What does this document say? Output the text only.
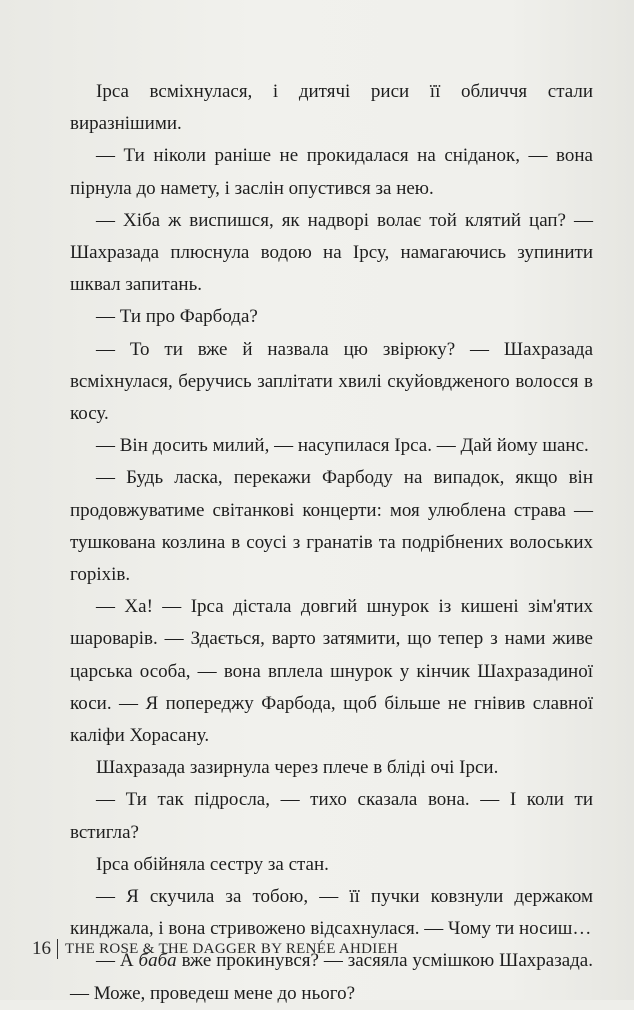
Ірса всміхнулася, і дитячі риси її обличчя стали виразнішими.

— Ти ніколи раніше не прокидалася на сніданок, — вона пірнула до намету, і заслін опустився за нею.

— Хіба ж виспишся, як надворі волає той клятий цап? — Шахразада плюснула водою на Ірсу, намагаючись зупинити шквал запитань.

— Ти про Фарбода?

— То ти вже й назвала цю звірюку? — Шахразада всміхнулася, беручись заплітати хвилі скуйовдженого волосся в косу.

— Він досить милий, — насупилася Ірса. — Дай йому шанс.

— Будь ласка, перекажи Фарбоду на випадок, якщо він продовжуватиме світанкові концерти: моя улюблена страва — тушкована козлина в соусі з гранатів та подрібнених волоських горіхів.

— Ха! — Ірса дістала довгий шнурок із кишені зім'ятих шароварів. — Здається, варто затямити, що тепер з нами живе царська особа, — вона вплела шнурок у кінчик Шахразадиної коси. — Я попереджу Фарбода, щоб більше не гнівив славної каліфи Хорасану.

Шахразада зазирнула через плече в бліді очі Ірси.

— Ти так підросла, — тихо сказала вона. — І коли ти встигла?

Ірса обійняла сестру за стан.

— Я скучила за тобою, — її пучки ковзнули держаком кинджала, і вона стривожено відсахнулася. — Чому ти носиш…

— А баба вже прокинувся? — засяяла усмішкою Шахразада. — Може, проведеш мене до нього?

16 THE ROSE & THE DAGGER BY RENÉE AHDIEH
